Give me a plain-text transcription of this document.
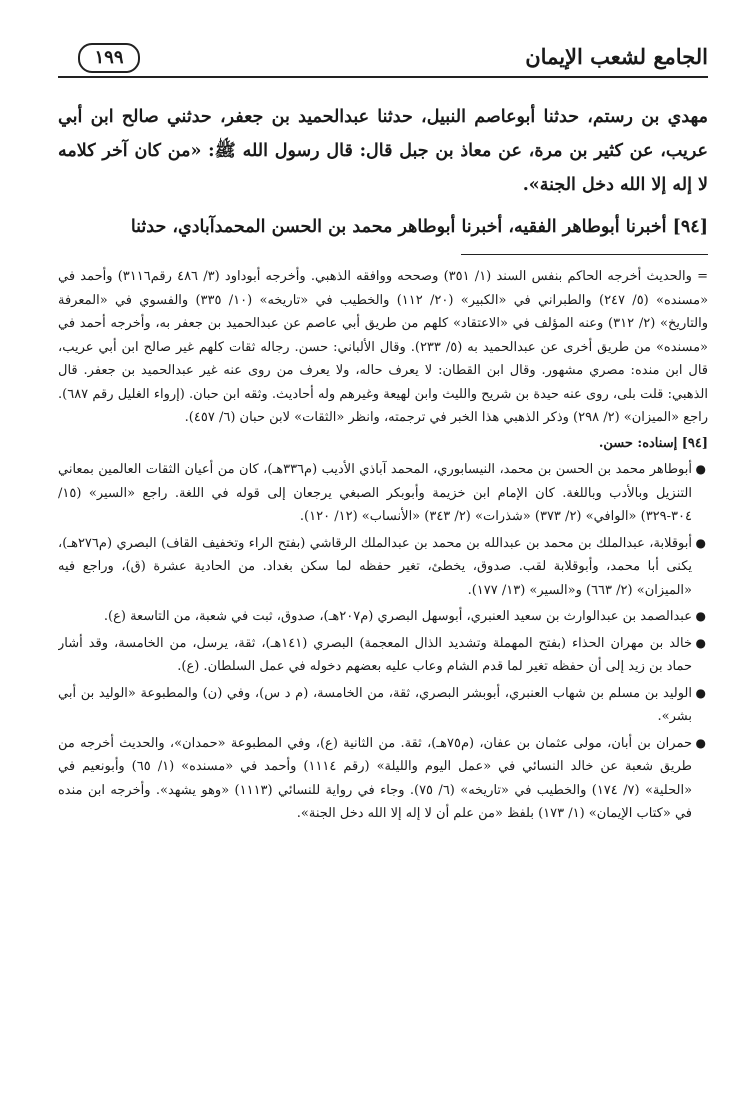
الجامع لشعب الإيمان
١٩٩

مهدي بن رستم، حدثنا أبوعاصم النبيل، حدثنا عبدالحميد بن جعفر، حدثني صالح ابن أبي عريب، عن كثير بن مرة، عن معاذ بن جبل قال: قال رسول الله ﷺ: «من كان آخر كلامه لا إله إلا الله دخل الجنة».

[٩٤] أخبرنا أبوطاهر الفقيه، أخبرنا أبوطاهر محمد بن الحسن المحمدآبادي، حدثنا

= والحديث أخرجه الحاكم بنفس السند (١/ ٣٥١) وصححه ووافقه الذهبي. وأخرجه أبوداود (٣/ ٤٨٦ رقم٣١١٦) وأحمد في «مسنده» (٥/ ٢٤٧) والطبراني في «الكبير» (٢٠/ ١١٢) والخطيب في «تاريخه» (١٠/ ٣٣٥) والفسوي في «المعرفة والتاريخ» (٢/ ٣١٢) وعنه المؤلف في «الاعتقاد» كلهم من طريق أبي عاصم عن عبدالحميد بن جعفر به، وأخرجه أحمد في «مسنده» من طريق أخرى عن عبدالحميد به (٥/ ٢٣٣). وقال الألباني: حسن. رجاله ثقات كلهم غير صالح ابن أبي عريب، قال ابن منده: مصري مشهور. وقال ابن القطان: لا يعرف حاله، ولا يعرف من روى عنه غير عبدالحميد بن جعفر. قال الذهبي: قلت بلى، روى عنه حيدة بن شريح والليث وابن لهيعة وغيرهم وله أحاديث. وثقه ابن حبان. (إرواء الغليل رقم ٦٨٧). راجع «الميزان» (٢/ ٢٩٨) وذكر الذهبي هذا الخبر في ترجمته، وانظر «الثقات» لابن حبان (٦/ ٤٥٧).

[٩٤] إسناده: حسن.

●
أبوطاهر محمد بن الحسن بن محمد، النيسابوري، المحمد آباذي الأديب (م٣٣٦هـ)، كان من أعيان الثقات العالمين بمعاني التنزيل وبالأدب وباللغة. كان الإمام ابن خزيمة وأبوبكر الصبغي يرجعان إلى قوله في اللغة. راجع «السير» (١٥/ ٣٠٤-٣٢٩) «الوافي» (٢/ ٣٧٣) «شذرات» (٢/ ٣٤٣) «الأنساب» (١٢/ ١٢٠).
●
أبوقلابة، عبدالملك بن محمد بن عبدالله بن محمد بن عبدالملك الرقاشي (بفتح الراء وتخفيف القاف) البصري (م٢٧٦هـ)، يكنى أبا محمد، وأبوقلابة لقب. صدوق، يخطئ، تغير حفظه لما سكن بغداد. من الحادية عشرة (ق)، وراجع فيه «الميزان» (٢/ ٦٦٣) و«السير» (١٣/ ١٧٧).
●
عبدالصمد بن عبدالوارث بن سعيد العنبري، أبوسهل البصري (م٢٠٧هـ)، صدوق، ثبت في شعبة، من التاسعة (ع).
●
خالد بن مهران الحذاء (بفتح المهملة وتشديد الذال المعجمة) البصري (١٤١هـ)، ثقة، يرسل، من الخامسة، وقد أشار حماد بن زيد إلى أن حفظه تغير لما قدم الشام وعاب عليه بعضهم دخوله في عمل السلطان. (ع).
●
الوليد بن مسلم بن شهاب العنبري، أبوبشر البصري، ثقة، من الخامسة، (م د س)، وفي (ن) والمطبوعة «الوليد بن أبي بشر».
●
حمران بن أبان، مولى عثمان بن عفان، (م٧٥هـ)، ثقة. من الثانية (ع)، وفي المطبوعة «حمدان»، والحديث أخرجه من طريق شعبة عن خالد النسائي في «عمل اليوم والليلة» (رقم ١١١٤) وأحمد في «مسنده» (١/ ٦٥) وأبونعيم في «الحلية» (٧/ ١٧٤) والخطيب في «تاريخه» (٦/ ٧٥). وجاء في رواية للنسائي (١١١٣) «وهو يشهد». وأخرجه ابن منده في «كتاب الإيمان» (١/ ١٧٣) بلفظ «من علم أن لا إله إلا الله دخل الجنة».
